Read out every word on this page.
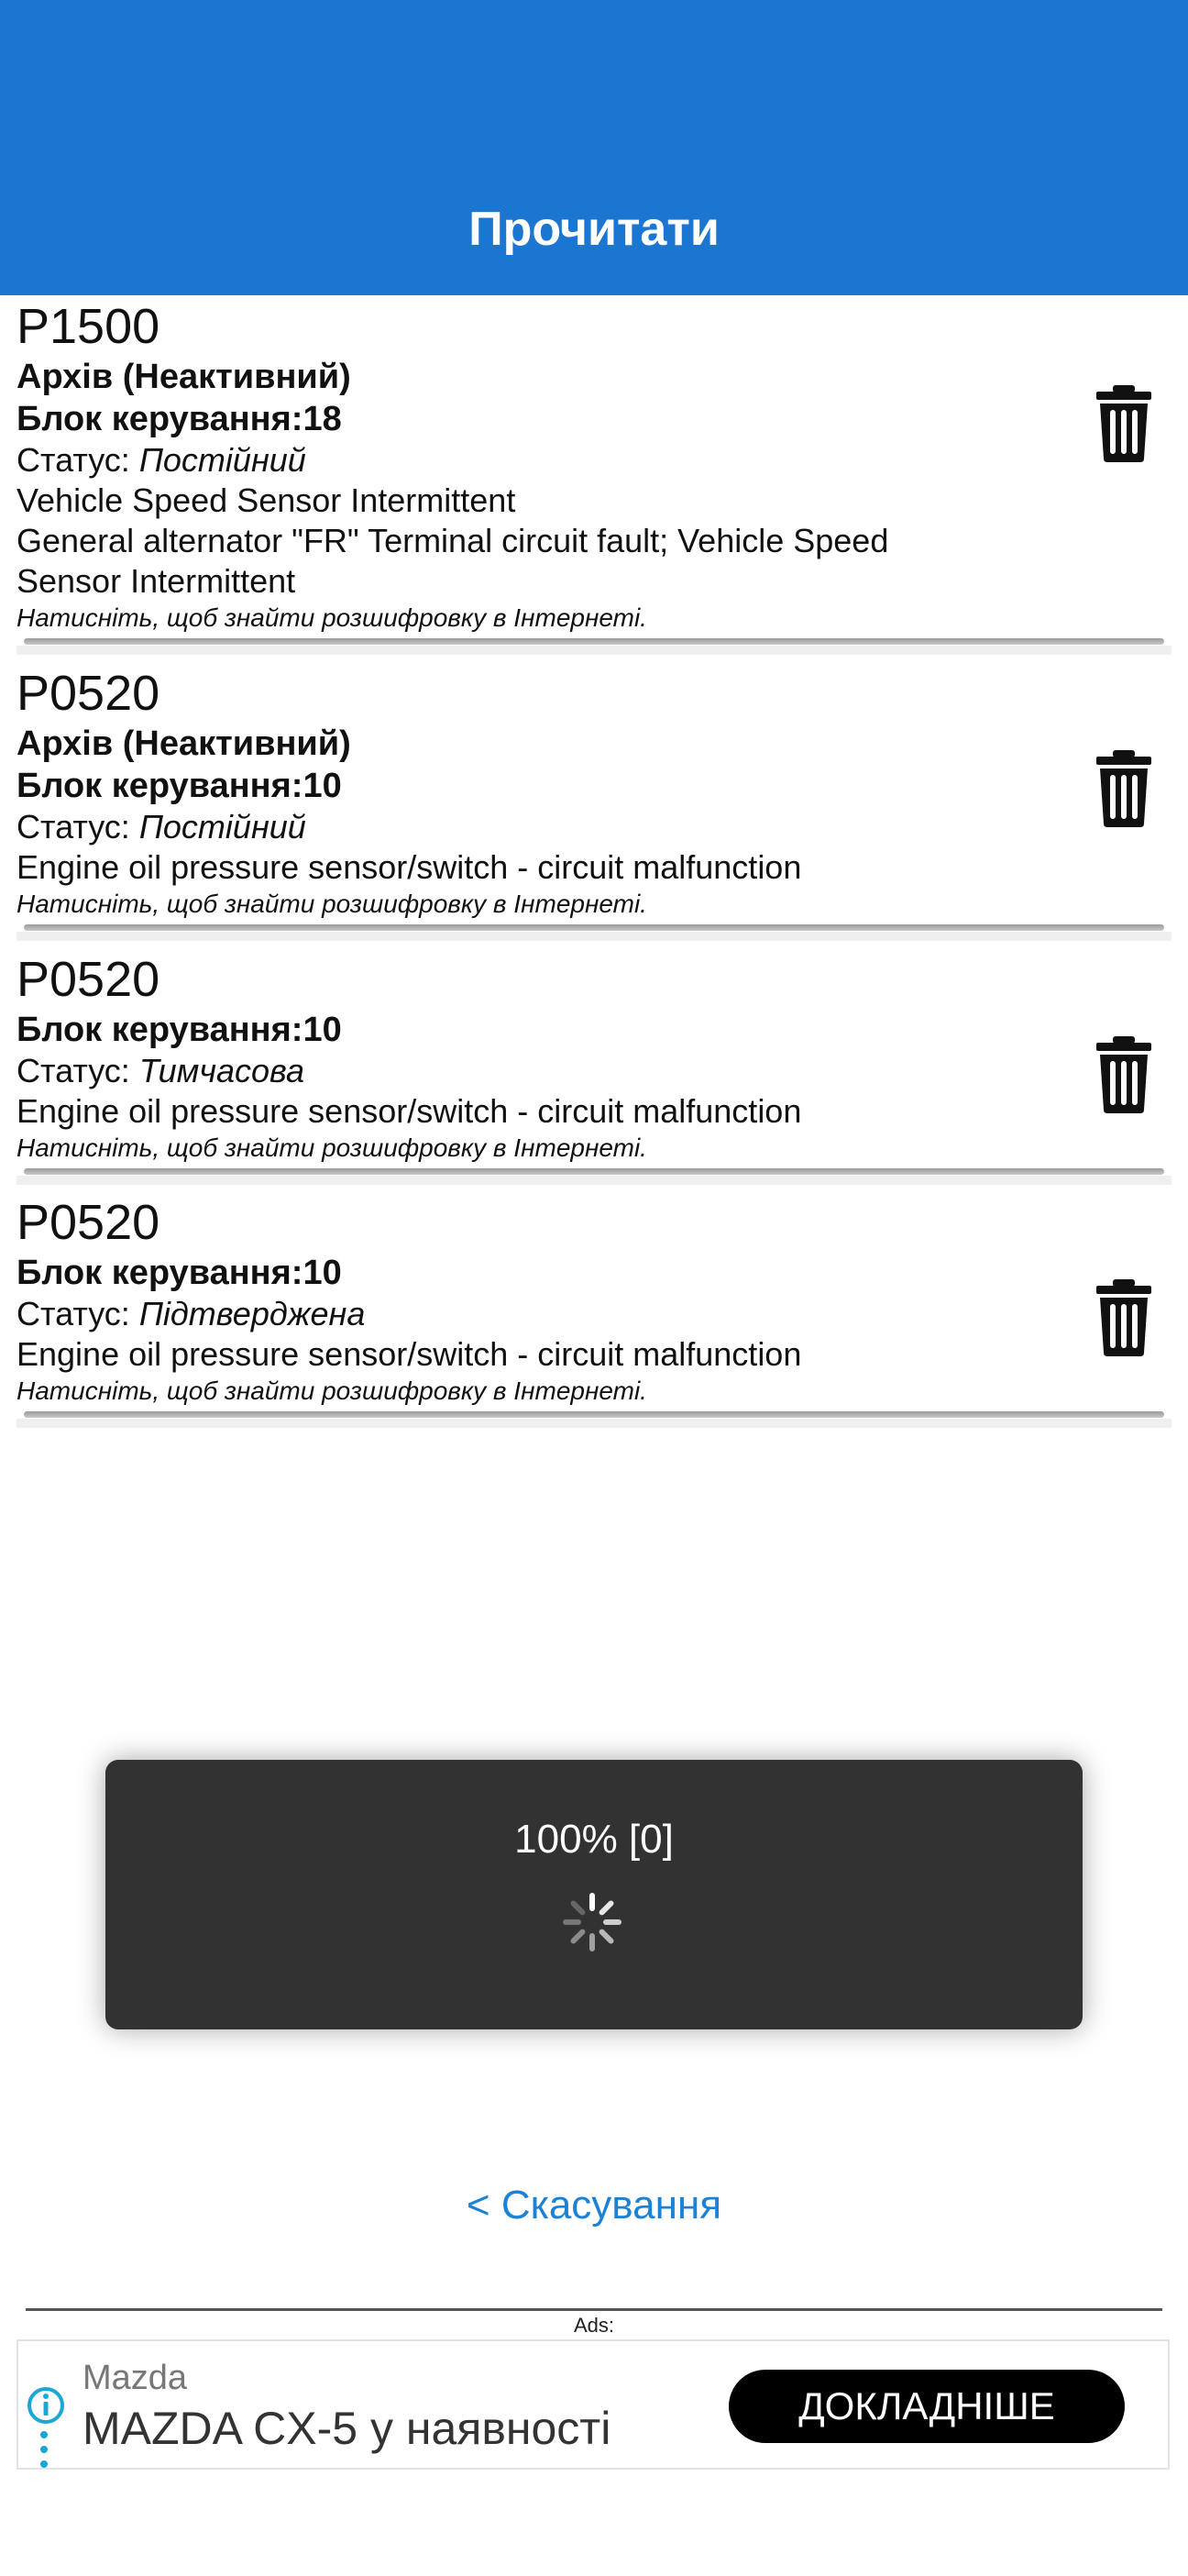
Прочитати
P1500
Архів (Неактивний)
Блок керування:18
Статус: Постійний
Vehicle Speed Sensor Intermittent
General alternator "FR" Terminal circuit fault; Vehicle Speed
Sensor Intermittent
Натисніть, щоб знайти розшифровку в Інтернеті.
P0520
Архів (Неактивний)
Блок керування:10
Статус: Постійний
Engine oil pressure sensor/switch - circuit malfunction
Натисніть, щоб знайти розшифровку в Інтернеті.
P0520
Блок керування:10
Статус: Тимчасова
Engine oil pressure sensor/switch - circuit malfunction
Натисніть, щоб знайти розшифровку в Інтернеті.
P0520
Блок керування:10
Статус: Підтверджена
Engine oil pressure sensor/switch - circuit malfunction
Натисніть, щоб знайти розшифровку в Інтернеті.
100% [0]
< Скасування
Ads:
Mazda
MAZDA CX-5 у наявності	ДОКЛАДНІШЕ
